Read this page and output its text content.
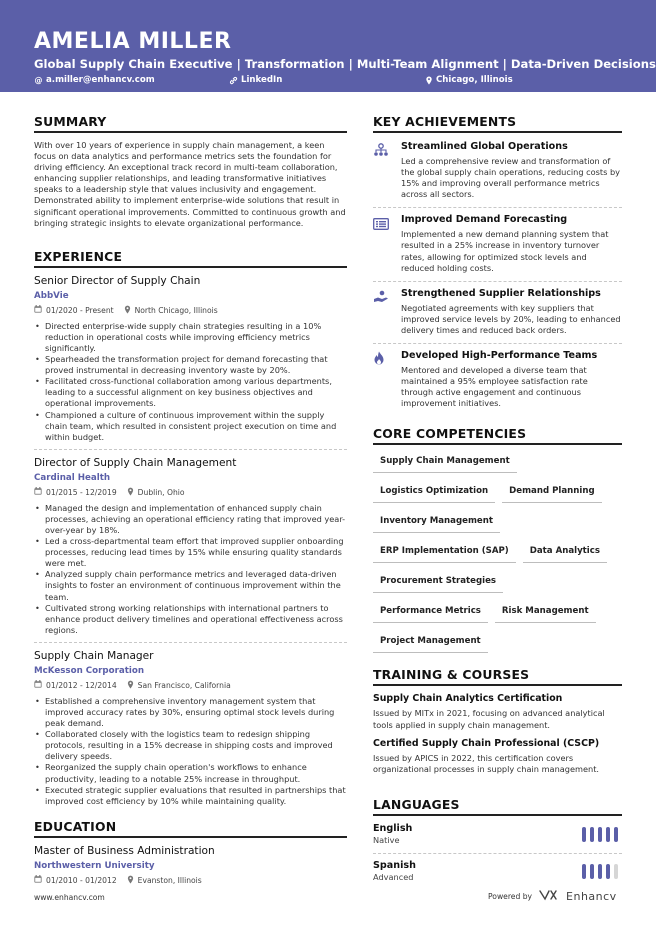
AMELIA MILLER
Global Supply Chain Executive | Transformation | Multi-Team Alignment | Data-Driven Decisions
@ a.miller@enhancv.com	LinkedIn	Chicago, Illinois
SUMMARY
With over 10 years of experience in supply chain management, a keen focus on data analytics and performance metrics sets the foundation for driving efficiency. An exceptional track record in multi-team collaboration, enhancing supplier relationships, and leading transformative initiatives speaks to a leadership style that values inclusivity and engagement. Demonstrated ability to implement enterprise-wide solutions that result in significant operational improvements. Committed to continuous growth and bringing strategic insights to elevate organizational performance.
EXPERIENCE
Senior Director of Supply Chain
AbbVie
01/2020 - Present	North Chicago, Illinois
• Directed enterprise-wide supply chain strategies resulting in a 10% reduction in operational costs while improving efficiency metrics significantly.
• Spearheaded the transformation project for demand forecasting that proved instrumental in decreasing inventory waste by 20%.
• Facilitated cross-functional collaboration among various departments, leading to a successful alignment on key business objectives and operational improvements.
• Championed a culture of continuous improvement within the supply chain team, which resulted in consistent project execution on time and within budget.
Director of Supply Chain Management
Cardinal Health
01/2015 - 12/2019	Dublin, Ohio
• Managed the design and implementation of enhanced supply chain processes, achieving an operational efficiency rating that improved year-over-year by 18%.
• Led a cross-departmental team effort that improved supplier onboarding processes, reducing lead times by 15% while ensuring quality standards were met.
• Analyzed supply chain performance metrics and leveraged data-driven insights to foster an environment of continuous improvement within the team.
• Cultivated strong working relationships with international partners to enhance product delivery timelines and operational effectiveness across regions.
Supply Chain Manager
McKesson Corporation
01/2012 - 12/2014	San Francisco, California
• Established a comprehensive inventory management system that improved accuracy rates by 30%, ensuring optimal stock levels during peak demand.
• Collaborated closely with the logistics team to redesign shipping protocols, resulting in a 15% decrease in shipping costs and improved delivery speeds.
• Reorganized the supply chain operation's workflows to enhance productivity, leading to a notable 25% increase in throughput.
• Executed strategic supplier evaluations that resulted in partnerships that improved cost efficiency by 10% while maintaining quality.
EDUCATION
Master of Business Administration
Northwestern University
01/2010 - 01/2012	Evanston, Illinois
KEY ACHIEVEMENTS
Streamlined Global Operations
Led a comprehensive review and transformation of the global supply chain operations, reducing costs by 15% and improving overall performance metrics across all sectors.
Improved Demand Forecasting
Implemented a new demand planning system that resulted in a 25% increase in inventory turnover rates, allowing for optimized stock levels and reduced holding costs.
Strengthened Supplier Relationships
Negotiated agreements with key suppliers that improved service levels by 20%, leading to enhanced delivery times and reduced back orders.
Developed High-Performance Teams
Mentored and developed a diverse team that maintained a 95% employee satisfaction rate through active engagement and continuous improvement initiatives.
CORE COMPETENCIES
Supply Chain Management
Logistics Optimization	Demand Planning
Inventory Management
ERP Implementation (SAP)	Data Analytics
Procurement Strategies
Performance Metrics	Risk Management
Project Management
TRAINING & COURSES
Supply Chain Analytics Certification
Issued by MITx in 2021, focusing on advanced analytical tools applied in supply chain management.
Certified Supply Chain Professional (CSCP)
Issued by APICS in 2022, this certification covers organizational processes in supply chain management.
LANGUAGES
English
Native
Spanish
Advanced
www.enhancv.com	Powered by	Enhancv
